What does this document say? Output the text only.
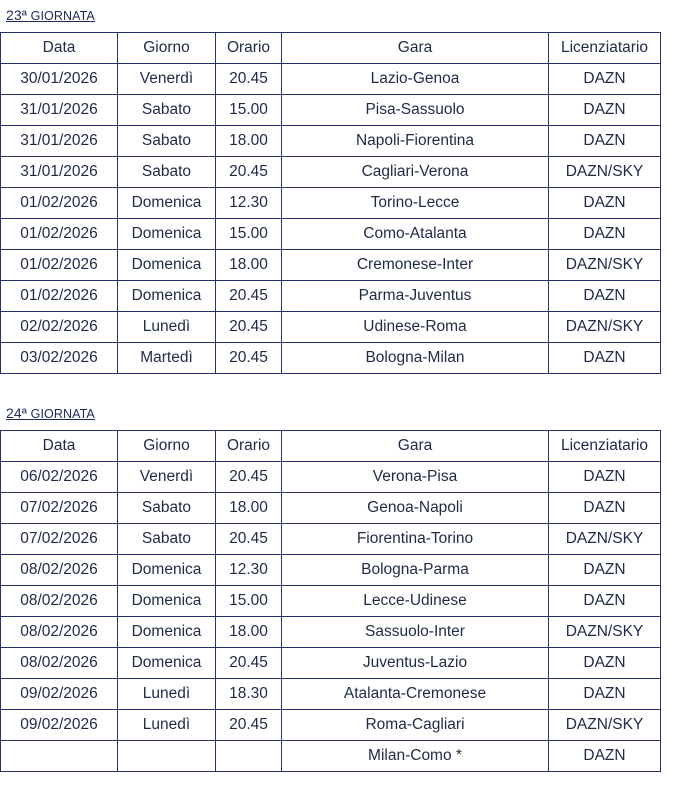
23ª GIORNATA
Data	Giorno	Orario	Gara	Licenziatario
30/01/2026	Venerdì	20.45	Lazio-Genoa	DAZN
31/01/2026	Sabato	15.00	Pisa-Sassuolo	DAZN
31/01/2026	Sabato	18.00	Napoli-Fiorentina	DAZN
31/01/2026	Sabato	20.45	Cagliari-Verona	DAZN/SKY
01/02/2026	Domenica	12.30	Torino-Lecce	DAZN
01/02/2026	Domenica	15.00	Como-Atalanta	DAZN
01/02/2026	Domenica	18.00	Cremonese-Inter	DAZN/SKY
01/02/2026	Domenica	20.45	Parma-Juventus	DAZN
02/02/2026	Lunedì	20.45	Udinese-Roma	DAZN/SKY
03/02/2026	Martedì	20.45	Bologna-Milan	DAZN
24ª GIORNATA
Data	Giorno	Orario	Gara	Licenziatario
06/02/2026	Venerdì	20.45	Verona-Pisa	DAZN
07/02/2026	Sabato	18.00	Genoa-Napoli	DAZN
07/02/2026	Sabato	20.45	Fiorentina-Torino	DAZN/SKY
08/02/2026	Domenica	12.30	Bologna-Parma	DAZN
08/02/2026	Domenica	15.00	Lecce-Udinese	DAZN
08/02/2026	Domenica	18.00	Sassuolo-Inter	DAZN/SKY
08/02/2026	Domenica	20.45	Juventus-Lazio	DAZN
09/02/2026	Lunedì	18.30	Atalanta-Cremonese	DAZN
09/02/2026	Lunedì	20.45	Roma-Cagliari	DAZN/SKY
			Milan-Como *	DAZN
